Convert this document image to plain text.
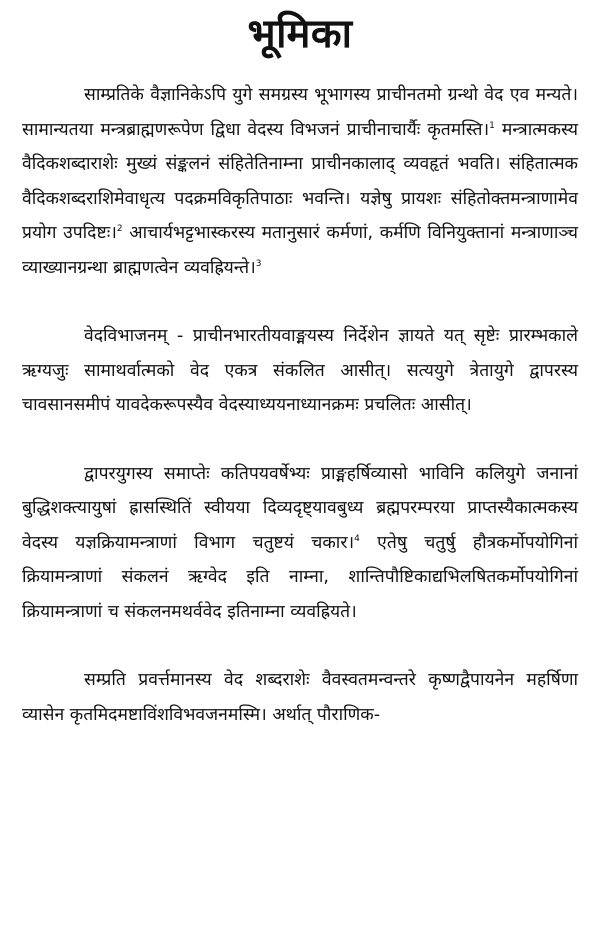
भूमिका

साम्प्रतिके वैज्ञानिकेऽपि युगे समग्रस्य भूभागस्य प्राचीनतमो ग्रन्थो वेद एव मन्यते। सामान्यतया मन्त्रब्राह्मणरूपेण द्विधा वेदस्य विभजनं प्राचीनाचार्यैः कृतमस्ति।$^1$ मन्त्रात्मकस्य वैदिकशब्दाराशेः मुख्यं संङ्कलनं संहितेतिनाम्ना प्राचीनकालाद् व्यवहृतं भवति। संहितात्मक वैदिकशब्दराशिमेवाधृत्य पदक्रमविकृतिपाठाः भवन्ति। यज्ञेषु प्रायशः संहितोक्तमन्त्राणामेव प्रयोग उपदिष्टः।$^2$ आचार्यभट्टभास्करस्य मतानुसारं कर्मणां, कर्मणि विनियुक्तानां मन्त्राणाञ्च व्याख्यानग्रन्था ब्राह्मणत्वेन व्यवह्रियन्ते।$^3$

वेदविभाजनम् - प्राचीनभारतीयवाङ्मयस्य निर्देशेन ज्ञायते यत् सृष्टेः प्रारम्भकाले ऋग्यजुः सामाथर्वात्मको वेद एकत्र संकलित आसीत्। सत्ययुगे त्रेतायुगे द्वापरस्य चावसानसमीपं यावदेकरूपस्यैव वेदस्याध्ययनाध्यानक्रमः प्रचलितः आसीत्।

द्वापरयुगस्य समाप्तेः कतिपयवर्षेभ्यः प्राङ्महर्षिव्यासो भाविनि कलियुगे जनानां बुद्धिशक्त्यायुषां ह्रासस्थितिं स्वीयया दिव्यदृष्ट्यावबुध्य ब्रह्मपरम्परया प्राप्तस्यैकात्मकस्य वेदस्य यज्ञक्रियामन्त्राणां विभाग चतुष्टयं चकार।$^4$ एतेषु चतुर्षु हौत्रकर्मोपयोगिनां क्रियामन्त्राणां संकलनं ऋग्वेद इति नाम्ना, शान्तिपौष्टिकाद्यभिलषितकर्मोपयोगिनां क्रियामन्त्राणां च संकलनमथर्ववेद इतिनाम्ना व्यवह्रियते।

सम्प्रति प्रवर्त्तमानस्य वेद शब्दराशेः वैवस्वतमन्वन्तरे कृष्णद्वैपायनेन महर्षिणा व्यासेन कृतमिदमष्टाविंशविभवजनमस्मि। अर्थात् पौराणिक-
